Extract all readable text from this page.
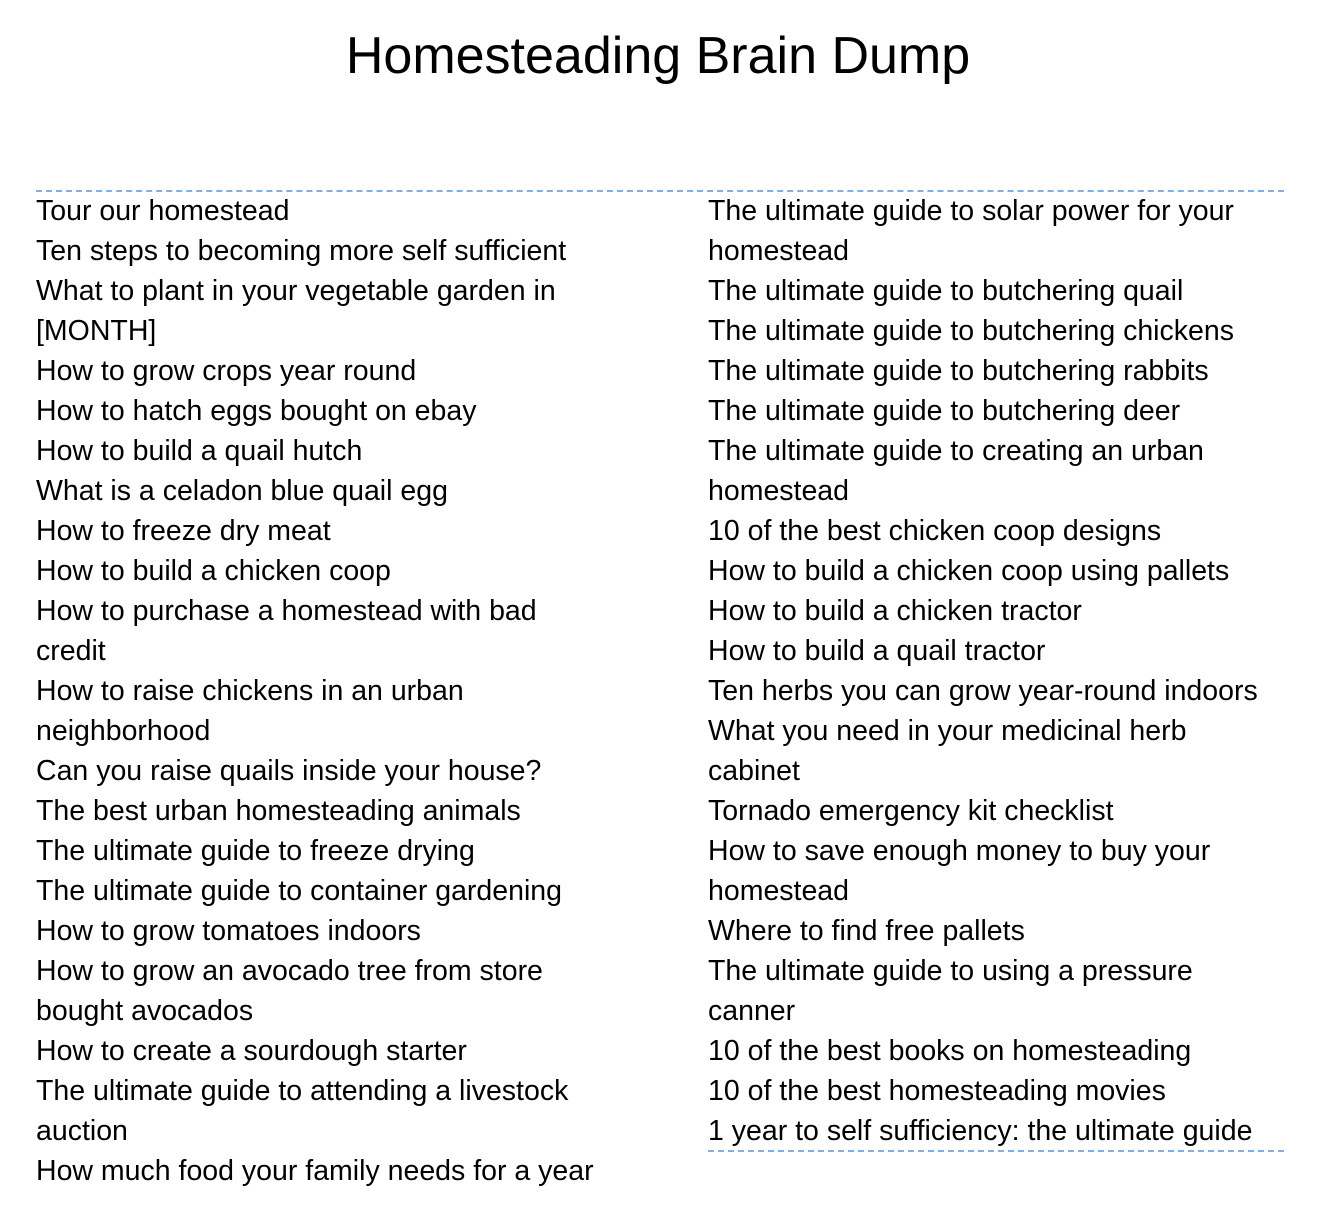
Homesteading Brain Dump
Tour our homestead
Ten steps to becoming more self sufficient
What to plant in your vegetable garden in
[MONTH]
How to grow crops year round
How to hatch eggs bought on ebay
How to build a quail hutch
What is a celadon blue quail egg
How to freeze dry meat
How to build a chicken coop
How to purchase a homestead with bad
credit
How to raise chickens in an urban
neighborhood
Can you raise quails inside your house?
The best urban homesteading animals
The ultimate guide to freeze drying
The ultimate guide to container gardening
How to grow tomatoes indoors
How to grow an avocado tree from store
bought avocados
How to create a sourdough starter
The ultimate guide to attending a livestock
auction
How much food your family needs for a year
The ultimate guide to solar power for your
homestead
The ultimate guide to butchering quail
The ultimate guide to butchering chickens
The ultimate guide to butchering rabbits
The ultimate guide to butchering deer
The ultimate guide to creating an urban
homestead
10 of the best chicken coop designs
How to build a chicken coop using pallets
How to build a chicken tractor
How to build a quail tractor
Ten herbs you can grow year-round indoors
What you need in your medicinal herb
cabinet
Tornado emergency kit checklist
How to save enough money to buy your
homestead
Where to find free pallets
The ultimate guide to using a pressure
canner
10 of the best books on homesteading
10 of the best homesteading movies
1 year to self sufficiency: the ultimate guide
